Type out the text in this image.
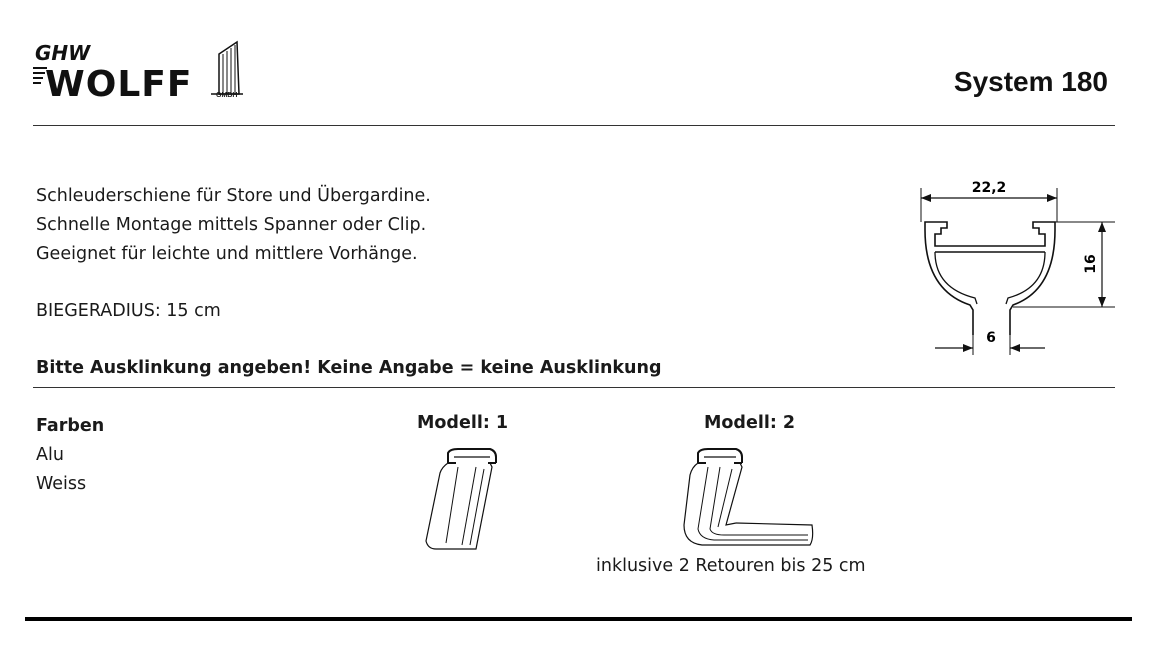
GHW
WOLFF	GMBH	System 180
Schleuderschiene für Store und Übergardine.
Schnelle Montage mittels Spanner oder Clip.
Geeignet für leichte und mittlere Vorhänge.
BIEGERADIUS: 15 cm
Bitte Ausklinkung angeben! Keine Angabe = keine Ausklinkung
22,2
16
6
Farben
Alu
Weiss
Modell: 1	Modell: 2
inklusive 2 Retouren bis 25 cm
